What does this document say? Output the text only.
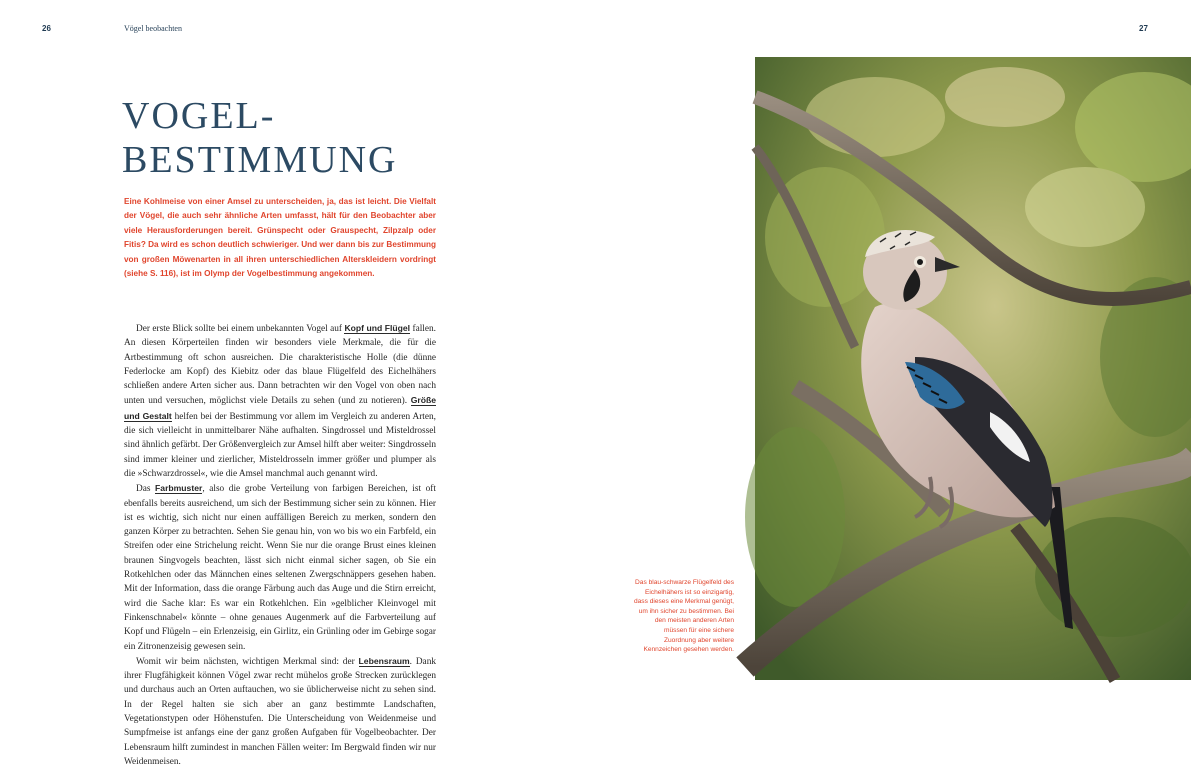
26	Vögel beobachten	27
VOGEL-
BESTIMMUNG

Eine Kohlmeise von einer Amsel zu unterscheiden, ja, das ist leicht. Die Vielfalt der Vögel, die auch sehr ähnliche Arten umfasst, hält für den Beobachter aber viele Herausforderungen bereit. Grünspecht oder Grauspecht, Zilpzalp oder Fitis? Da wird es schon deutlich schwieriger. Und wer dann bis zur Bestimmung von großen Möwenarten in all ihren unterschiedlichen Alterskleidern vordringt (siehe S. 116), ist im Olymp der Vogelbestimmung angekommen.

Der erste Blick sollte bei einem unbekannten Vogel auf Kopf und Flügel fallen. An diesen Körperteilen finden wir besonders viele Merkmale, die für die Artbestimmung oft schon ausreichen. Die charakteristische Holle (die dünne Federlocke am Kopf) des Kiebitz oder das blaue Flügelfeld des Eichelhähers schließen andere Arten sicher aus. Dann betrachten wir den Vogel von oben nach unten und versuchen, möglichst viele Details zu sehen (und zu notieren). Größe und Gestalt helfen bei der Bestimmung vor allem im Vergleich zu anderen Arten, die sich vielleicht in unmittelbarer Nähe aufhalten. Singdrossel und Misteldrossel sind ähnlich gefärbt. Der Größenvergleich zur Amsel hilft aber weiter: Singdrosseln sind immer kleiner und zierlicher, Misteldrosseln immer größer und plumper als die »Schwarzdrossel«, wie die Amsel manchmal auch genannt wird.

Das Farbmuster, also die grobe Verteilung von farbigen Bereichen, ist oft ebenfalls bereits ausreichend, um sich der Bestimmung sicher sein zu können. Hier ist es wichtig, sich nicht nur einen auffälligen Bereich zu merken, sondern den ganzen Körper zu betrachten. Sehen Sie genau hin, von wo bis wo ein Farbfeld, ein Streifen oder eine Strichelung reicht. Wenn Sie nur die orange Brust eines kleinen braunen Singvogels beachten, lässt sich nicht einmal sicher sagen, ob Sie ein Rotkehlchen oder das Männchen eines seltenen Zwergschnäppers gesehen haben. Mit der Information, dass die orange Färbung auch das Auge und die Stirn erreicht, wird die Sache klar: Es war ein Rotkehlchen. Ein »gelblicher Kleinvogel mit Finkenschnabel« könnte – ohne genaues Augenmerk auf die Farbverteilung auf Kopf und Flügeln – ein Erlenzeisig, ein Girlitz, ein Grünling oder im Gebirge sogar ein Zitronenzeisig gewesen sein.

Womit wir beim nächsten, wichtigen Merkmal sind: der Lebensraum. Dank ihrer Flugfähigkeit können Vögel zwar recht mühelos große Strecken zurücklegen und durchaus auch an Orten auftauchen, wo sie üblicherweise nicht zu sehen sind. In der Regel halten sie sich aber an ganz bestimmte Landschaften, Vegetationstypen oder Höhenstufen. Die Unterscheidung von Weidenmeise und Sumpfmeise ist anfangs eine der ganz großen Aufgaben für Vogelbeobachter. Der Lebensraum hilft zumindest in manchen Fällen weiter: Im Bergwald finden wir nur Weidenmeisen.

Das blau-schwarze Flügelfeld des Eichelhähers ist so einzigartig, dass dieses eine Merkmal genügt, um ihn sicher zu bestimmen. Bei den meisten anderen Arten müssen für eine sichere Zuordnung aber weitere Kennzeichen gesehen werden.
